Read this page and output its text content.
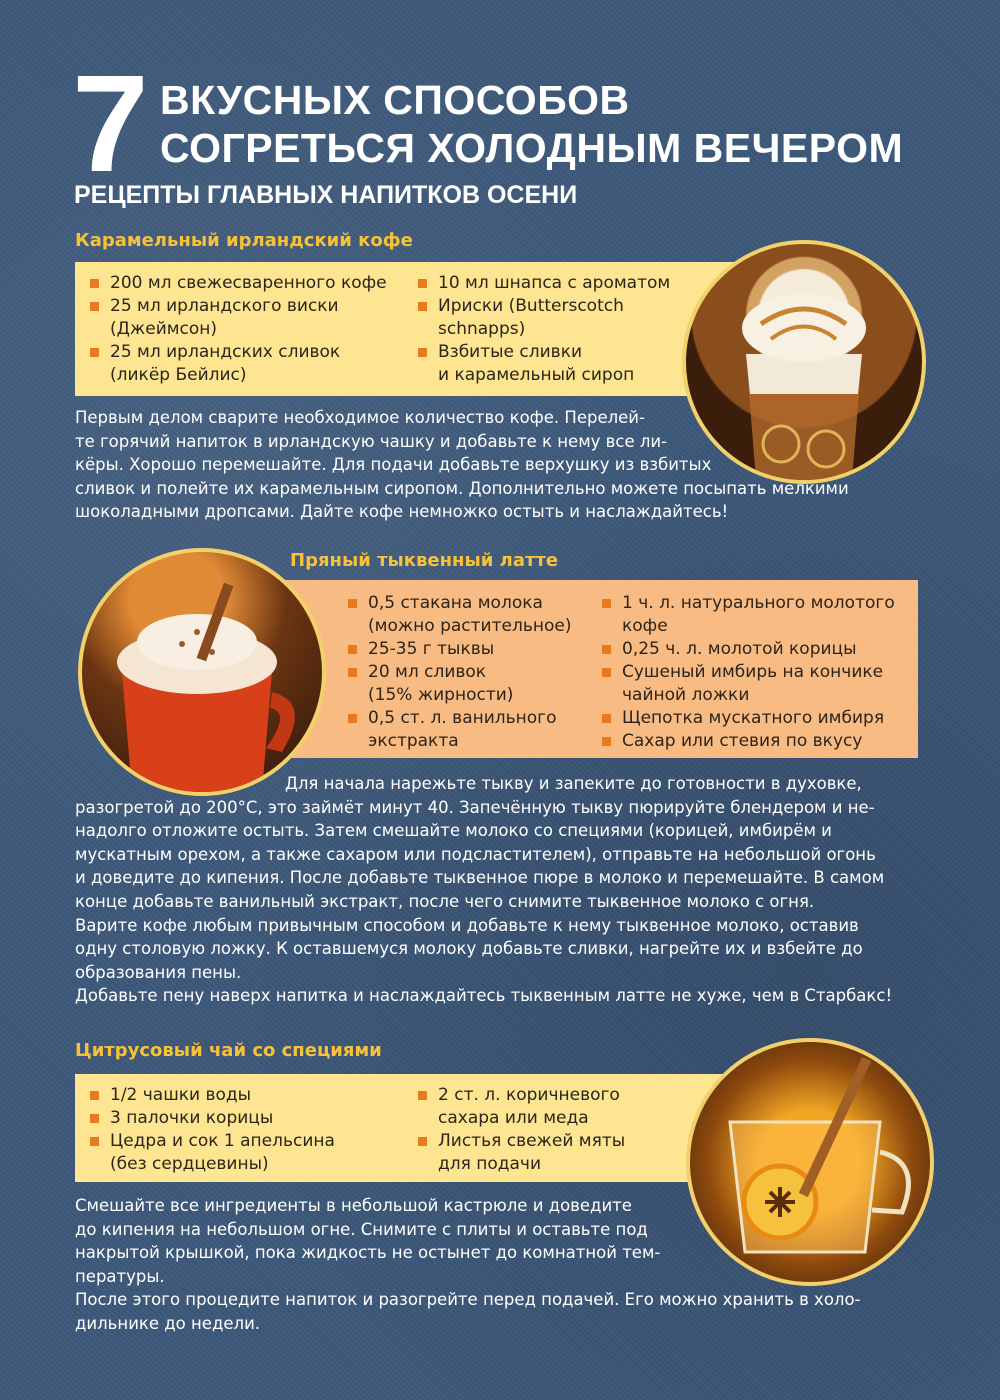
7 ВКУСНЫХ СПОСОБОВ
СОГРЕТЬСЯ ХОЛОДНЫМ ВЕЧЕРОМ
РЕЦЕПТЫ ГЛАВНЫХ НАПИТКОВ ОСЕНИ
Карамельный ирландский кофе
200 мл свежесваренного кофе
25 мл ирландского виски
(Джеймсон)
25 мл ирландских сливок
(ликёр Бейлис)
10 мл шнапса с ароматом
Ириски (Butterscotch
schnapps)
Взбитые сливки
и карамельный сироп

Первым делом сварите необходимое количество кофе. Перелей-

те горячий напиток в ирландскую чашку и добавьте к нему все ли-

кёры. Хорошо перемешайте. Для подачи добавьте верхушку из взбитых

сливок и полейте их карамельным сиропом. Дополнительно можете посыпать мелкими

шоколадными дропсами. Дайте кофе немножко остыть и наслаждайтесь!

Пряный тыквенный латте
0,5 стакана молока
(можно растительное)
25-35 г тыквы
20 мл сливок
(15% жирности)
0,5 ст. л. ванильного
экстракта
1 ч. л. натурального молотого
кофе
0,25 ч. л. молотой корицы
Сушеный имбирь на кончике
чайной ложки
Щепотка мускатного имбиря
Сахар или стевия по вкусу

Для начала нарежьте тыкву и запеките до готовности в духовке,

разогретой до 200°C, это займёт минут 40. Запечённую тыкву пюрируйте блендером и не-

надолго отложите остыть. Затем смешайте молоко со специями (корицей, имбирём и

мускатным орехом, а также сахаром или подсластителем), отправьте на небольшой огонь

и доведите до кипения. После добавьте тыквенное пюре в молоко и перемешайте. В самом

конце добавьте ванильный экстракт, после чего снимите тыквенное молоко с огня.

Варите кофе любым привычным способом и добавьте к нему тыквенное молоко, оставив

одну столовую ложку. К оставшемуся молоку добавьте сливки, нагрейте их и взбейте до

образования пены.

Добавьте пену наверх напитка и наслаждайтесь тыквенным латте не хуже, чем в Старбакс!

Цитрусовый чай со специями
1/2 чашки воды
3 палочки корицы
Цедра и сок 1 апельсина
(без сердцевины)
2 ст. л. коричневого
сахара или меда
Листья свежей мяты
для подачи

Смешайте все ингредиенты в небольшой кастрюле и доведите

до кипения на небольшом огне. Снимите с плиты и оставьте под

накрытой крышкой, пока жидкость не остынет до комнатной тем-

пературы.

После этого процедите напиток и разогрейте перед подачей. Его можно хранить в холо-

дильнике до недели.
